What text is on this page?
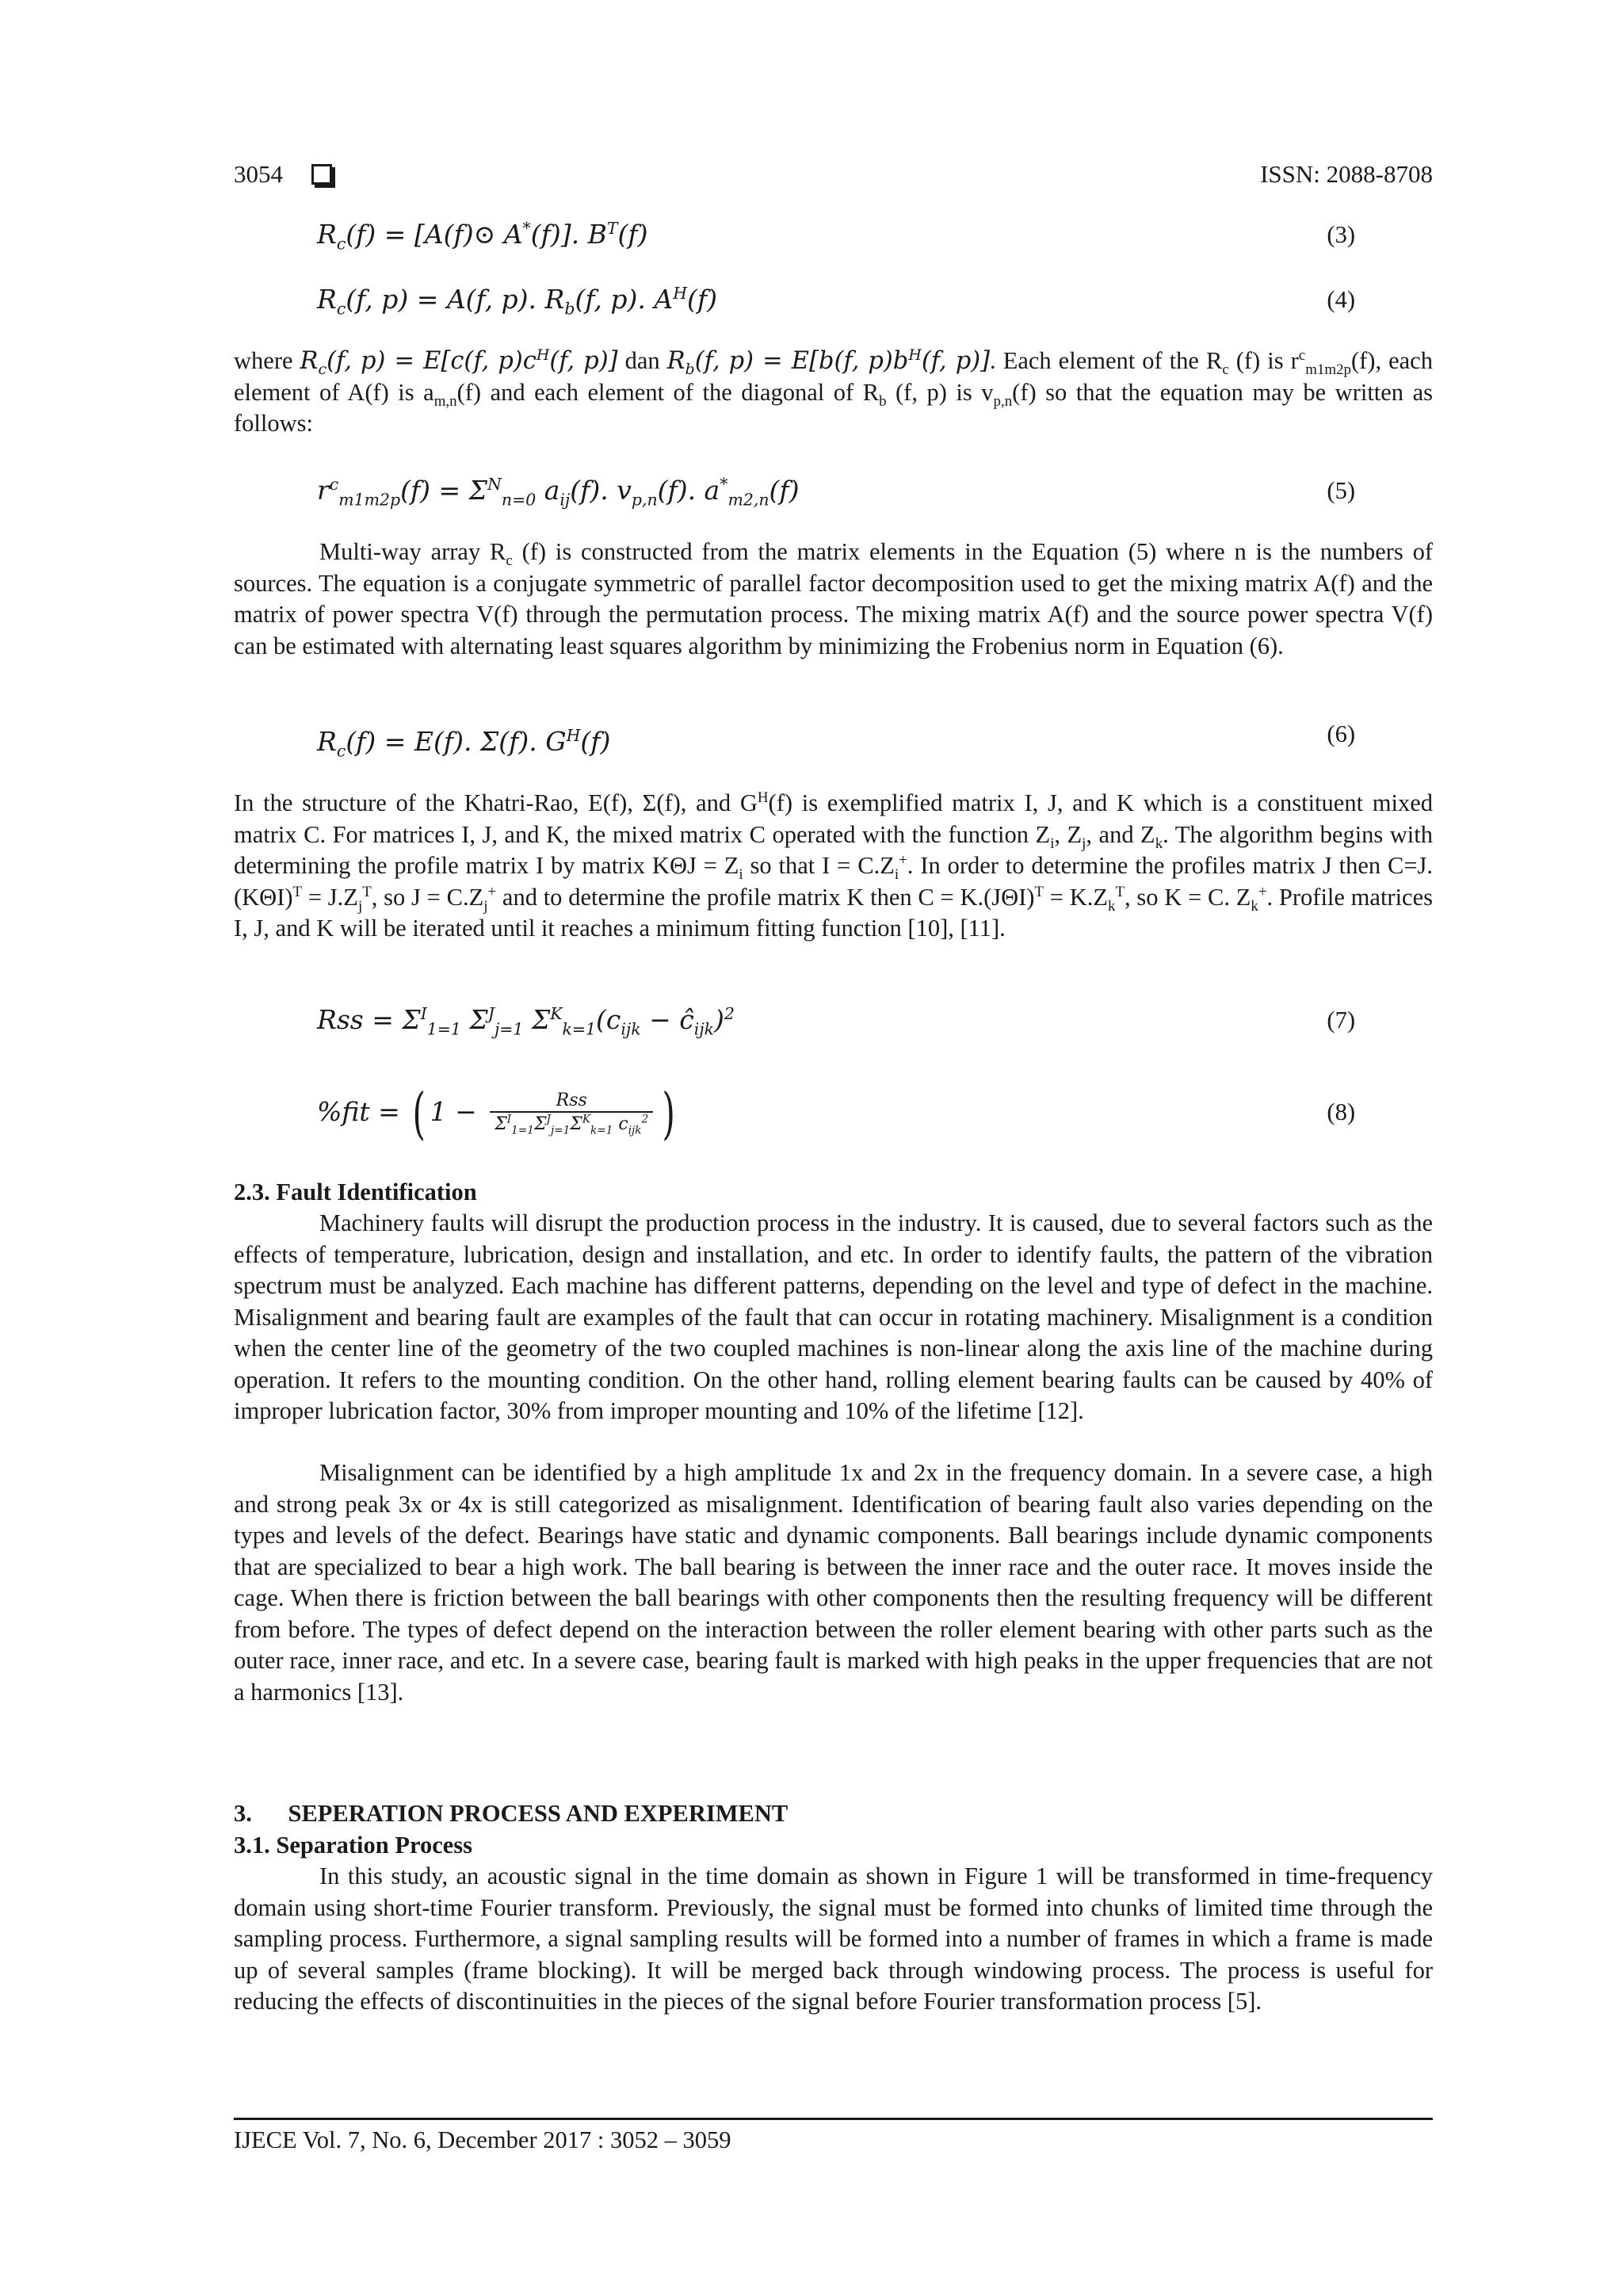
3054	ISSN: 2088-8708
$R_c(f)$ = [A(f)⊙ A*(f)]. $B^T(f)$	(3)
$R_c(f$, p) = A(f, p). $R_b(f$, p). $A^H(f)$	(4)

where $R_c(f$, p) = E[c(f, $p)c^H(f$, p)] dan $R_b(f$, p) = E[b(f, $p)b^H(f$, p)]. Each element of the $R_c$ (f) is $r^c_{m1m2p}(f)$, each element of A(f) is $a_{m,n}(f)$ and each element of the diagonal of $R_b$ (f, p) is $v_{p,n}(f)$ so that the equation may be written as follows:

$r^c_{m1m2p}(f) = \Sigma^N_{n=0}$ $a_{ij}(f)$. $v_{p,n}(f)$. $a^*_{m2,n}(f)$	(5)

Multi-way array $R_c$ (f) is constructed from the matrix elements in the Equation (5) where n is the numbers of sources. The equation is a conjugate symmetric of parallel factor decomposition used to get the mixing matrix A(f) and the matrix of power spectra V(f) through the permutation process. The mixing matrix A(f) and the source power spectra V(f) can be estimated with alternating least squares algorithm by minimizing the Frobenius norm in Equation (6).

$R_c(f) = E(f)$. Σ(f). $G^H(f)$	(6)

In the structure of the Khatri-Rao, E(f), Σ(f), and $G^H(f)$ is exemplified matrix I, J, and K which is a constituent mixed matrix C. For matrices I, J, and K, the mixed matrix C operated with the function $Z_i$, $Z_j$, and $Z_k$. The algorithm begins with determining the profile matrix I by matrix $K\Theta J = Z_i$ so that $I = C.Z_i^+$. In order to determine the profiles matrix J then $C=J.(K\Theta I)^T = J.Z_j^T$, so $J = C.Z_j^+$ and to determine the profile matrix K then $C = K.(J\Theta I)^T = K.Z_k^T$, so K = C. $Z_k^+$. Profile matrices I, J, and K will be iterated until it reaches a minimum fitting function [10], [11].

Rss = $\Sigma^I_{1=1}$ $\Sigma^J_{j=1}$ $\Sigma^K_{k=1}(c_{ijk}$ − $ĉ_{ijk})^2$	(7)
%fit = ( $1 - \frac{\text{Rss}}{\Sigma^I_{1=1}\Sigma^J_{j=1}\Sigma^K_{k=1} c_{ijk}^2}$ )	(8)
2.3. Fault Identification

Machinery faults will disrupt the production process in the industry. It is caused, due to several factors such as the effects of temperature, lubrication, design and installation, and etc. In order to identify faults, the pattern of the vibration spectrum must be analyzed. Each machine has different patterns, depending on the level and type of defect in the machine. Misalignment and bearing fault are examples of the fault that can occur in rotating machinery. Misalignment is a condition when the center line of the geometry of the two coupled machines is non-linear along the axis line of the machine during operation. It refers to the mounting condition. On the other hand, rolling element bearing faults can be caused by 40% of improper lubrication factor, 30% from improper mounting and 10% of the lifetime [12].

Misalignment can be identified by a high amplitude 1x and 2x in the frequency domain. In a severe case, a high and strong peak 3x or 4x is still categorized as misalignment. Identification of bearing fault also varies depending on the types and levels of the defect. Bearings have static and dynamic components. Ball bearings include dynamic components that are specialized to bear a high work. The ball bearing is between the inner race and the outer race. It moves inside the cage. When there is friction between the ball bearings with other components then the resulting frequency will be different from before. The types of defect depend on the interaction between the roller element bearing with other parts such as the outer race, inner race, and etc. In a severe case, bearing fault is marked with high peaks in the upper frequencies that are not a harmonics [13].

3. SEPERATION PROCESS AND EXPERIMENT
3.1. Separation Process

In this study, an acoustic signal in the time domain as shown in Figure 1 will be transformed in time-frequency domain using short-time Fourier transform. Previously, the signal must be formed into chunks of limited time through the sampling process. Furthermore, a signal sampling results will be formed into a number of frames in which a frame is made up of several samples (frame blocking). It will be merged back through windowing process. The process is useful for reducing the effects of discontinuities in the pieces of the signal before Fourier transformation process [5].

IJECE Vol. 7, No. 6, December 2017 : 3052 – 3059
